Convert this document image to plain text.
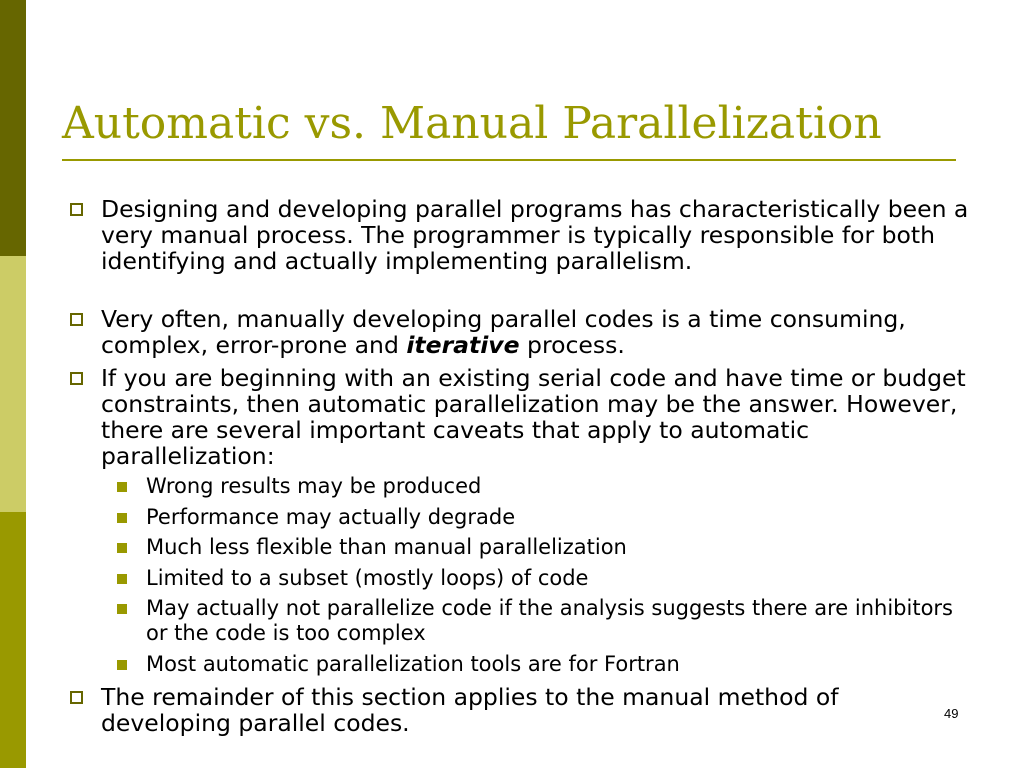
Automatic vs. Manual Parallelization
Designing and developing parallel programs has characteristically been a very manual process. The programmer is typically responsible for both identifying and actually implementing parallelism.
Very often, manually developing parallel codes is a time consuming, complex, error-prone and iterative process.
If you are beginning with an existing serial code and have time or budget constraints, then automatic parallelization may be the answer. However, there are several important caveats that apply to automatic parallelization:
Wrong results may be produced
Performance may actually degrade
Much less flexible than manual parallelization
Limited to a subset (mostly loops) of code
May actually not parallelize code if the analysis suggests there are inhibitors or the code is too complex
Most automatic parallelization tools are for Fortran
The remainder of this section applies to the manual method of developing parallel codes.	49
